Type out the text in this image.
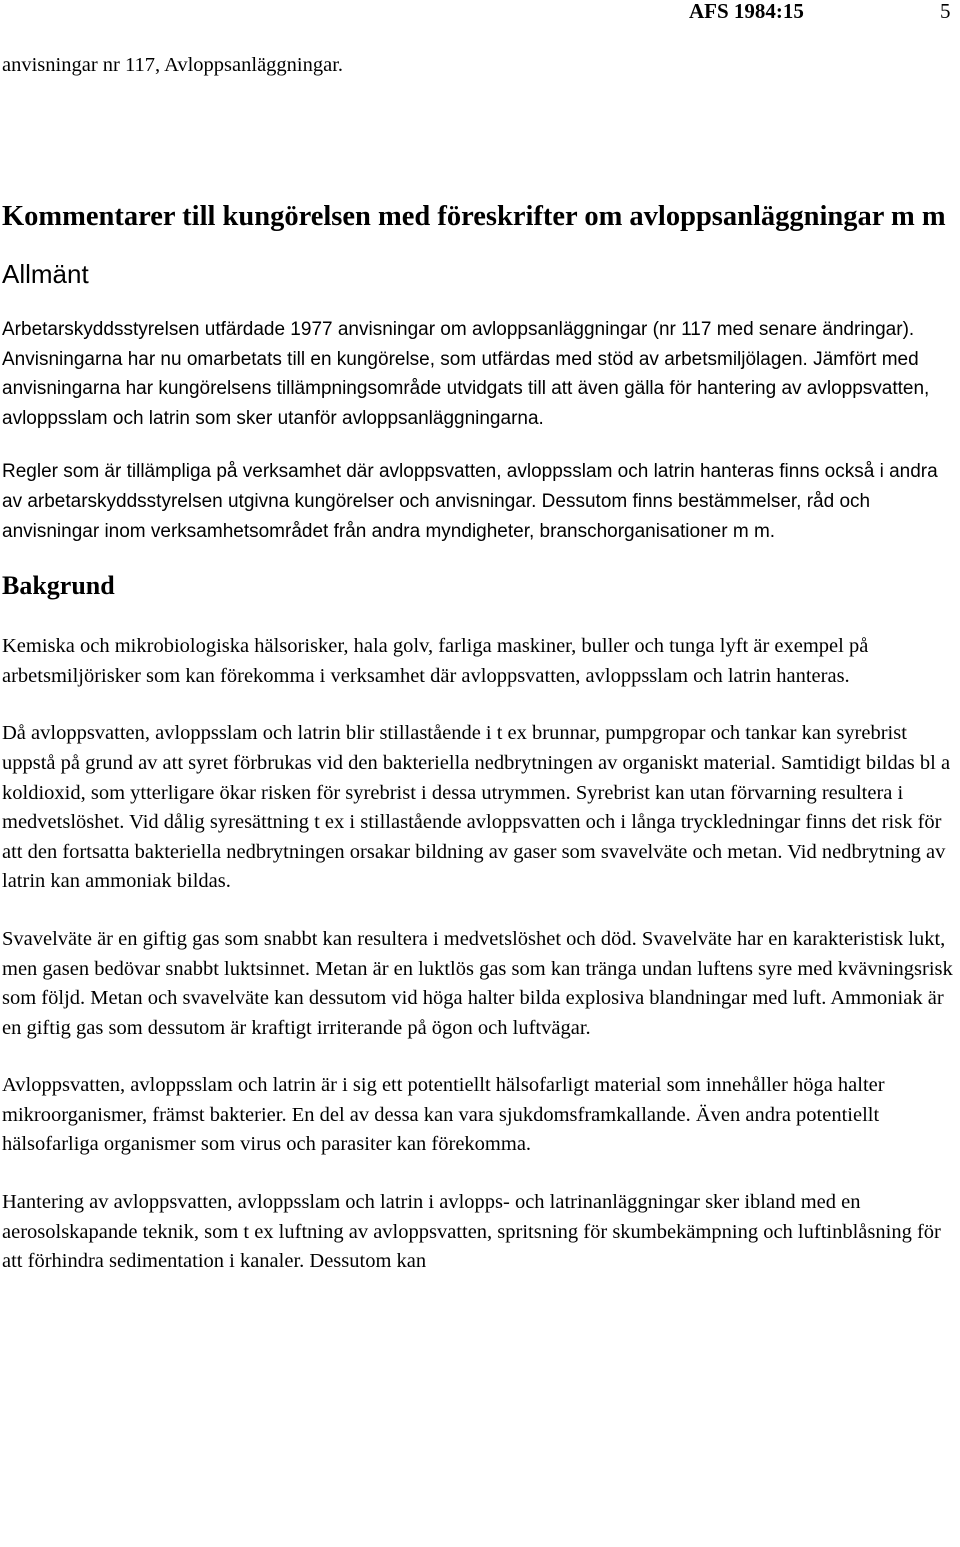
AFS 1984:15	5

anvisningar nr 117, Avloppsanläggningar.

Kommentarer till kungörelsen med föreskrifter om avloppsanläggningar m m
Allmänt

Arbetarskyddsstyrelsen utfärdade 1977 anvisningar om avloppsanläggningar (nr 117 med senare ändringar). Anvisningarna har nu omarbetats till en kungörelse, som utfärdas med stöd av arbetsmiljölagen. Jämfört med anvisningarna har kungörelsens tillämpningsområde utvidgats till att även gälla för hantering av avloppsvatten, avloppsslam och latrin som sker utanför avloppsanläggningarna.

Regler som är tillämpliga på verksamhet där avloppsvatten, avloppsslam och latrin hanteras finns också i andra av arbetarskyddsstyrelsen utgivna kungörelser och anvisningar. Dessutom finns bestämmelser, råd och anvisningar inom verksamhetsområdet från andra myndigheter, branschorganisationer m m.

Bakgrund

Kemiska och mikrobiologiska hälsorisker, hala golv, farliga maskiner, buller och tunga lyft är exempel på arbetsmiljörisker som kan förekomma i verksamhet där avloppsvatten, avloppsslam och latrin hanteras.

Då avloppsvatten, avloppsslam och latrin blir stillastående i t ex brunnar, pumpgropar och tankar kan syrebrist uppstå på grund av att syret förbrukas vid den bakteriella nedbrytningen av organiskt material. Samtidigt bildas bl a koldioxid, som ytterligare ökar risken för syrebrist i dessa utrymmen. Syrebrist kan utan förvarning resultera i medvetslöshet. Vid dålig syresättning t ex i stillastående avloppsvatten och i långa tryckledningar finns det risk för att den fortsatta bakteriella nedbrytningen orsakar bildning av gaser som svavelväte och metan. Vid nedbrytning av latrin kan ammoniak bildas.

Svavelväte är en giftig gas som snabbt kan resultera i medvetslöshet och död. Svavelväte har en karakteristisk lukt, men gasen bedövar snabbt luktsinnet. Metan är en luktlös gas som kan tränga undan luftens syre med kvävningsrisk som följd. Metan och svavelväte kan dessutom vid höga halter bilda explosiva blandningar med luft. Ammoniak är en giftig gas som dessutom är kraftigt irriterande på ögon och luftvägar.

Avloppsvatten, avloppsslam och latrin är i sig ett potentiellt hälsofarligt material som innehåller höga halter mikroorganismer, främst bakterier. En del av dessa kan vara sjukdomsframkallande. Även andra potentiellt hälsofarliga organismer som virus och parasiter kan förekomma.

Hantering av avloppsvatten, avloppsslam och latrin i avlopps- och latrinanläggningar sker ibland med en aerosolskapande teknik, som t ex luftning av avloppsvatten, spritsning för skumbekämpning och luftinblåsning för att förhindra sedimentation i kanaler. Dessutom kan
